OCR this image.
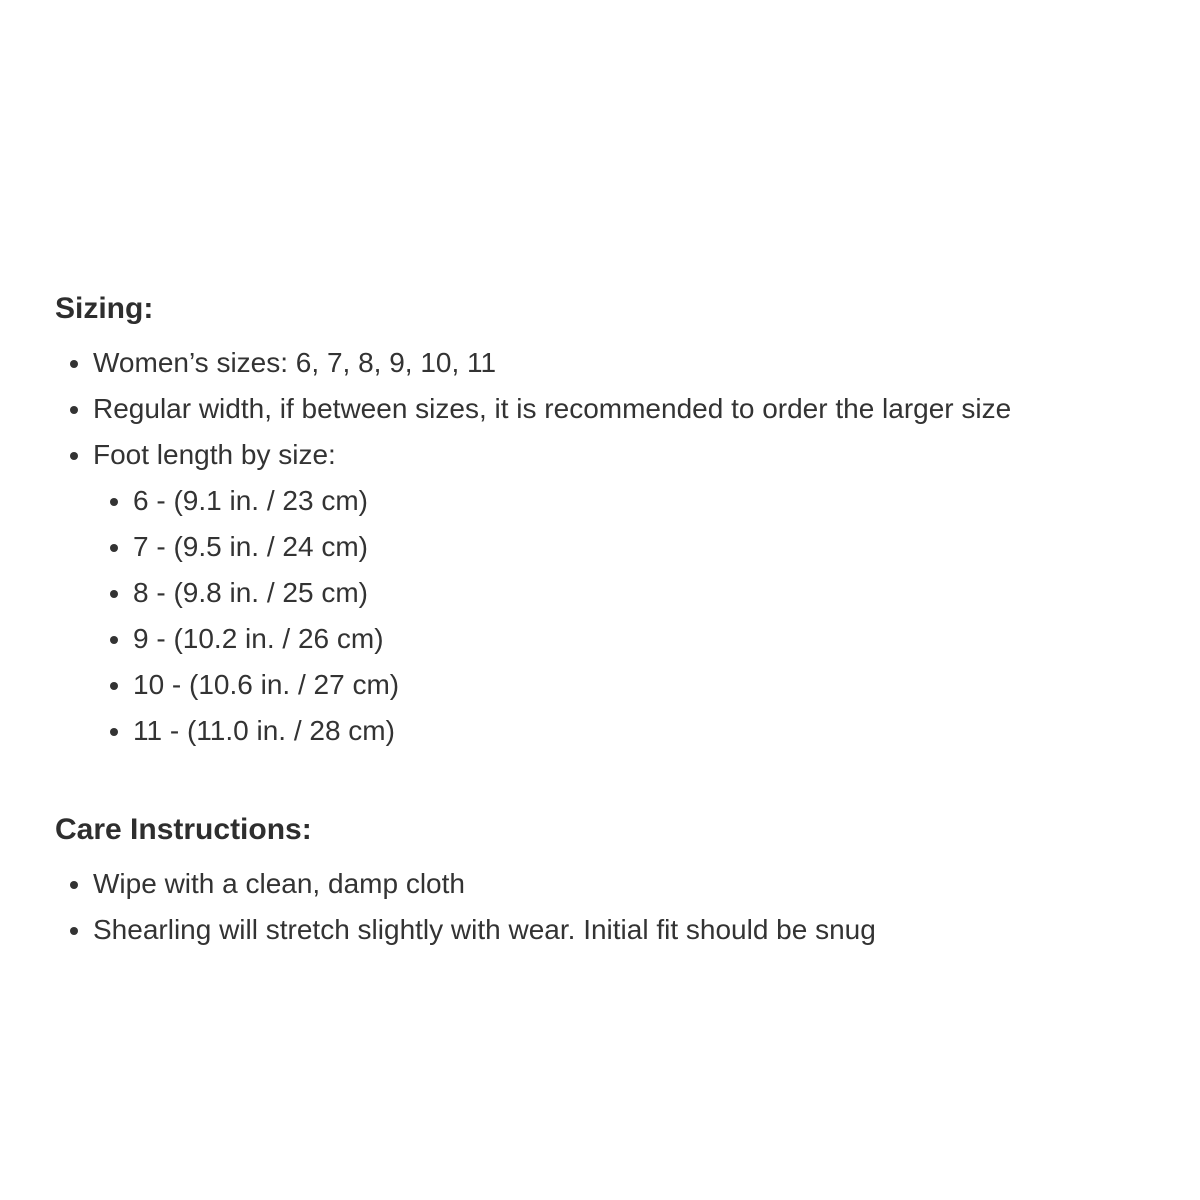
Sizing:
• Women’s sizes: 6, 7, 8, 9, 10, 11
• Regular width, if between sizes, it is recommended to order the larger size
• Foot length by size:
• 6 - (9.1 in. / 23 cm)
• 7 - (9.5 in. / 24 cm)
• 8 - (9.8 in. / 25 cm)
• 9 - (10.2 in. / 26 cm)
• 10 - (10.6 in. / 27 cm)
• 11 - (11.0 in. / 28 cm)
Care Instructions:
• Wipe with a clean, damp cloth
• Shearling will stretch slightly with wear. Initial fit should be snug
